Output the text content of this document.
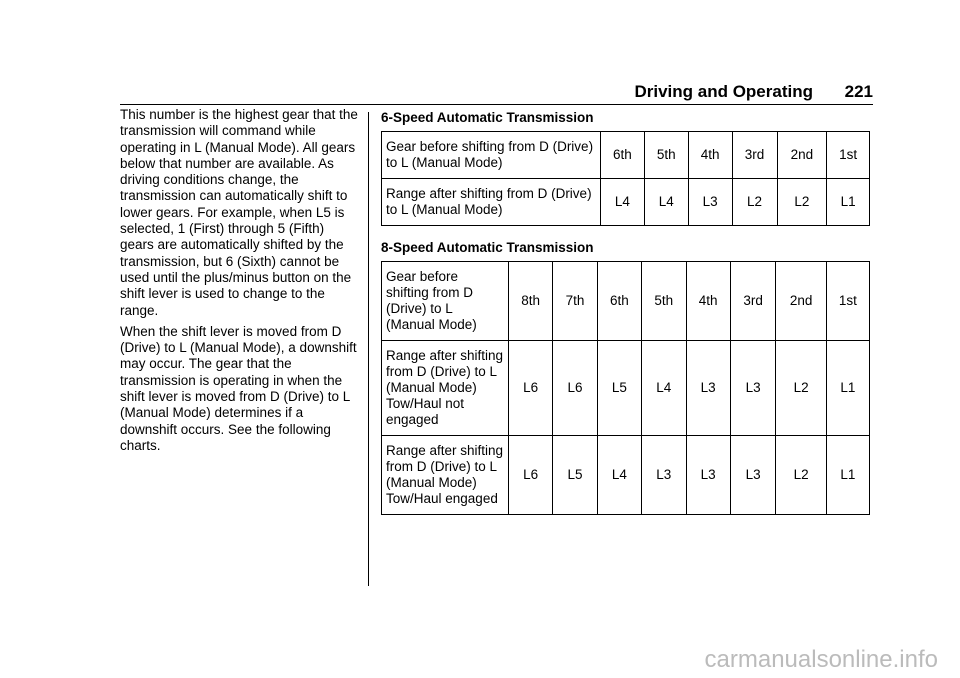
Driving and Operating 221

This number is the highest gear that the transmission will command while operating in L (Manual Mode). All gears below that number are available. As driving conditions change, the transmission can automatically shift to lower gears. For example, when L5 is selected, 1 (First) through 5 (Fifth) gears are automatically shifted by the transmission, but 6 (Sixth) cannot be used until the plus/minus button on the shift lever is used to change to the range.

When the shift lever is moved from D (Drive) to L (Manual Mode), a downshift may occur. The gear that the transmission is operating in when the shift lever is moved from D (Drive) to L (Manual Mode) determines if a downshift occurs. See the following charts.

6-Speed Automatic Transmission
Gear before shifting from D (Drive) to L (Manual Mode)	6th	5th	4th	3rd	2nd	1st
Range after shifting from D (Drive) to L (Manual Mode)	L4	L4	L3	L2	L2	L1
8-Speed Automatic Transmission
Gear before shifting from D (Drive) to L (Manual Mode)	8th	7th	6th	5th	4th	3rd	2nd	1st
Range after shifting from D (Drive) to L (Manual Mode) Tow/Haul not engaged	L6	L6	L5	L4	L3	L3	L2	L1
Range after shifting from D (Drive) to L (Manual Mode) Tow/Haul engaged	L6	L5	L4	L3	L3	L3	L2	L1
carmanualsonline.info
